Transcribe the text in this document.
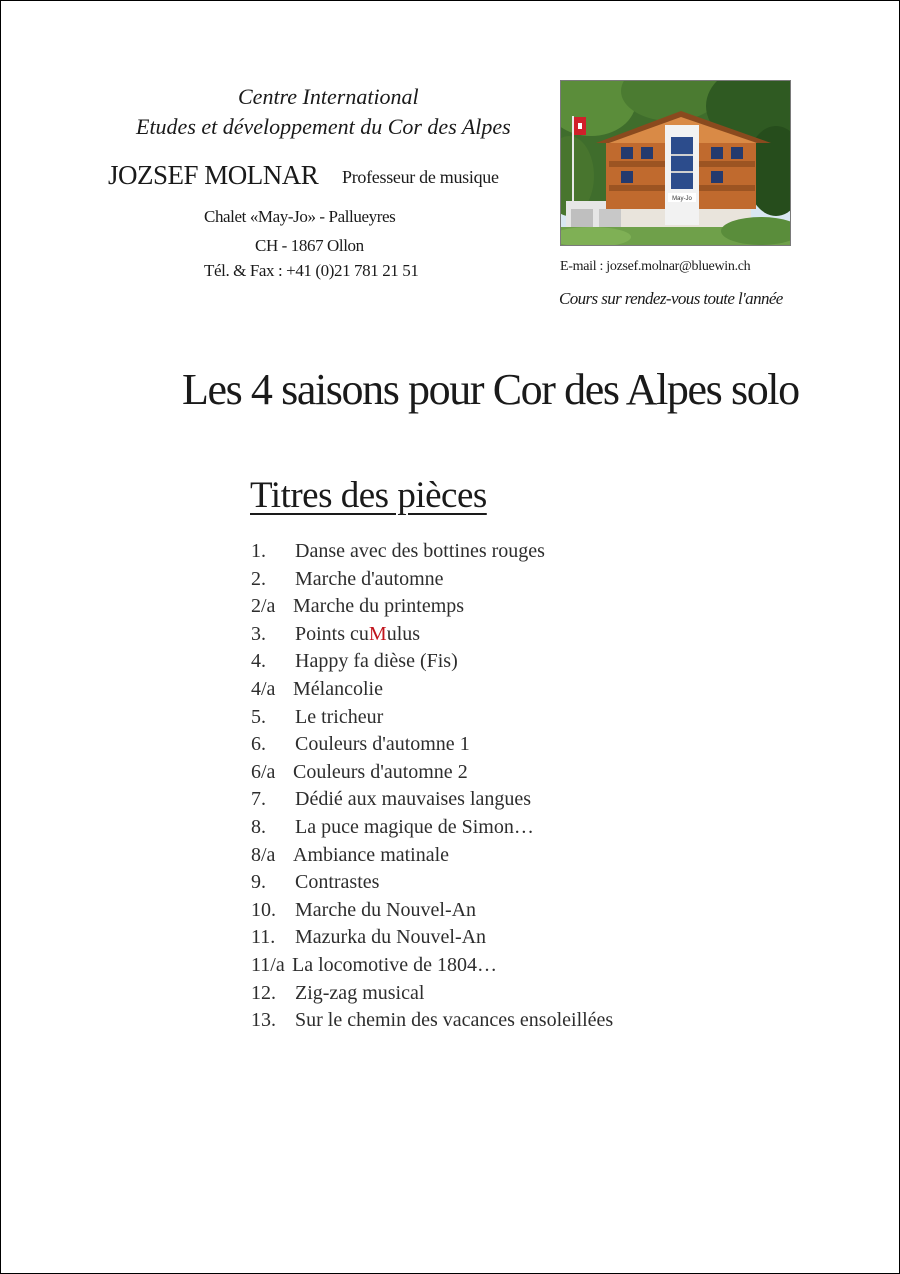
Centre International
Etudes et développement du Cor des Alpes
JOZSEF MOLNAR Professeur de musique
Chalet «May-Jo» - Pallueyres
CH - 1867 Ollon
Tél. & Fax : +41 (0)21 781 21 51
May-Jo
E-mail : jozsef.molnar@bluewin.ch
Cours sur rendez-vous toute l'année
Les 4 saisons pour Cor des Alpes solo
Titres des pièces
1. Danse avec des bottines rouges
2. Marche d'automne
2/a Marche du printemps
3. Points cuMulus
4. Happy fa dièse (Fis)
4/a Mélancolie
5. Le tricheur
6. Couleurs d'automne 1
6/a Couleurs d'automne 2
7. Dédié aux mauvaises langues
8. La puce magique de Simon…
8/a Ambiance matinale
9. Contrastes
10. Marche du Nouvel-An
11. Mazurka du Nouvel-An
11/a La locomotive de 1804…
12. Zig-zag musical
13. Sur le chemin des vacances ensoleillées
